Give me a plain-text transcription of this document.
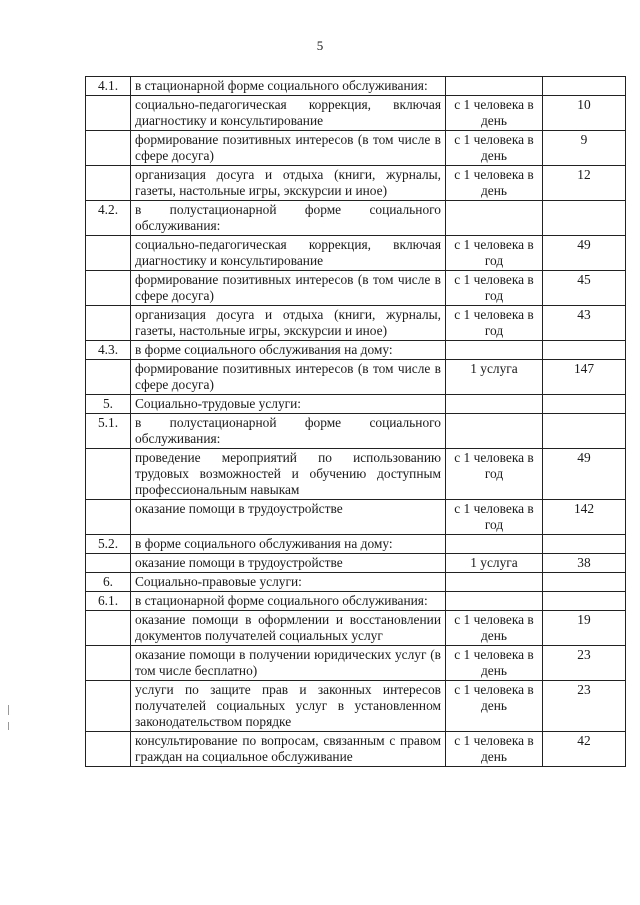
5
4.1.	в стационарной форме социального обслуживания:		
	социально-педагогическая коррекция, включая диагностику и консультирование	с 1 человека в день	10
	формирование позитивных интересов (в том числе в сфере досуга)	с 1 человека в день	9
	организация досуга и отдыха (книги, журналы, газеты, настольные игры, экскурсии и иное)	с 1 человека в день	12
4.2.	в полустационарной форме социального обслуживания:		
	социально-педагогическая коррекция, включая диагностику и консультирование	с 1 человека в год	49
	формирование позитивных интересов (в том числе в сфере досуга)	с 1 человека в год	45
	организация досуга и отдыха (книги, журналы, газеты, настольные игры, экскурсии и иное)	с 1 человека в год	43
4.3.	в форме социального обслуживания на дому:		
	формирование позитивных интересов (в том числе в сфере досуга)	1 услуга	147
5.	Социально-трудовые услуги:		
5.1.	в полустационарной форме социального обслуживания:		
	проведение мероприятий по использованию трудовых возможностей и обучению доступным профессиональным навыкам	с 1 человека в год	49
	оказание помощи в трудоустройстве	с 1 человека в год	142
5.2.	в форме социального обслуживания на дому:		
	оказание помощи в трудоустройстве	1 услуга	38
6.	Социально-правовые услуги:		
6.1.	в стационарной форме социального обслуживания:		
	оказание помощи в оформлении и восстановлении документов получателей социальных услуг	с 1 человека в день	19
	оказание помощи в получении юридических услуг (в том числе бесплатно)	с 1 человека в день	23
	услуги по защите прав и законных интересов получателей социальных услуг в установленном законодательством порядке	с 1 человека в день	23
	консультирование по вопросам, связанным с правом граждан на социальное обслуживание	с 1 человека в день	42
